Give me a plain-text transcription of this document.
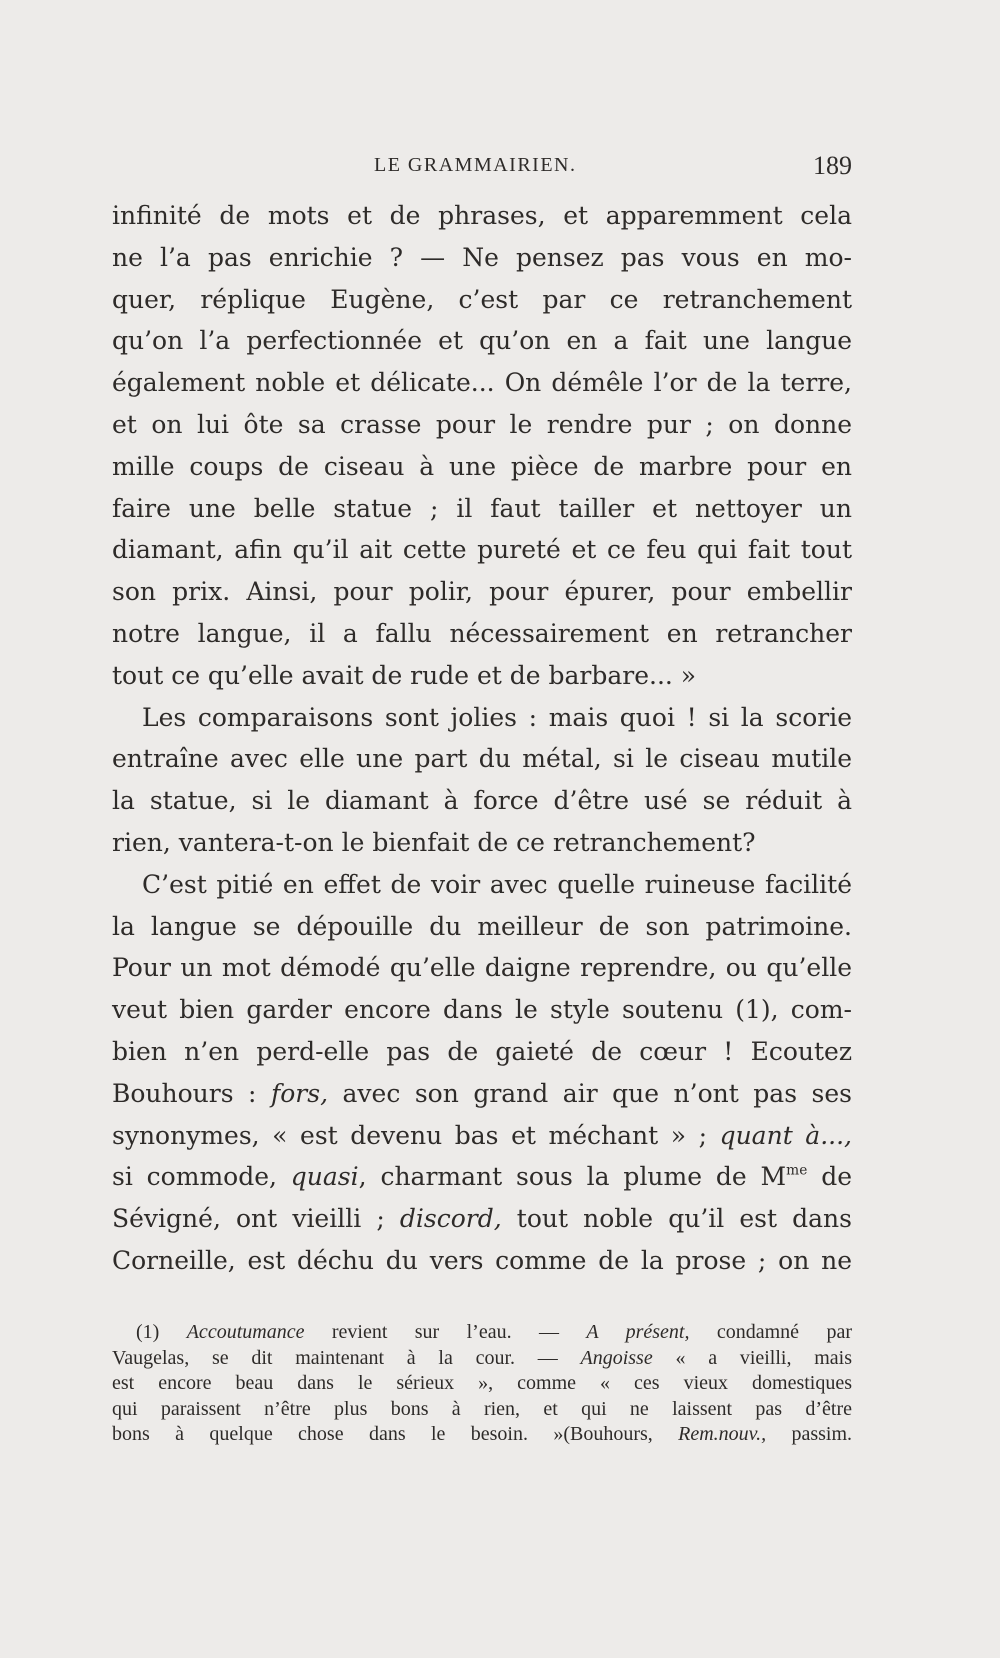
LE GRAMMAIRIEN.	189
infinité de mots et de phrases, et apparemment cela
ne l’a pas enrichie ? — Ne pensez pas vous en mo-
quer, réplique Eugène, c’est par ce retranchement
qu’on l’a perfectionnée et qu’on en a fait une langue
également noble et délicate... On démêle l’or de la terre,
et on lui ôte sa crasse pour le rendre pur ; on donne
mille coups de ciseau à une pièce de marbre pour en
faire une belle statue ; il faut tailler et nettoyer un
diamant, afin qu’il ait cette pureté et ce feu qui fait tout
son prix. Ainsi, pour polir, pour épurer, pour embellir
notre langue, il a fallu nécessairement en retrancher
tout ce qu’elle avait de rude et de barbare... »
Les comparaisons sont jolies : mais quoi ! si la scorie
entraîne avec elle une part du métal, si le ciseau mutile
la statue, si le diamant à force d’être usé se réduit à
rien, vantera-t-on le bienfait de ce retranchement?
C’est pitié en effet de voir avec quelle ruineuse facilité
la langue se dépouille du meilleur de son patrimoine.
Pour un mot démodé qu’elle daigne reprendre, ou qu’elle
veut bien garder encore dans le style soutenu (1), com-
bien n’en perd-elle pas de gaieté de cœur ! Ecoutez
Bouhours : fors, avec son grand air que n’ont pas ses
synonymes, « est devenu bas et méchant » ; quant à...,
si commode, quasi, charmant sous la plume de $M^{me}$ de
Sévigné, ont vieilli ; discord, tout noble qu’il est dans
Corneille, est déchu du vers comme de la prose ; on ne
(1) Accoutumance revient sur l’eau. — A présent, condamné par
Vaugelas, se dit maintenant à la cour. — Angoisse « a vieilli, mais
est encore beau dans le sérieux », comme « ces vieux domestiques
qui paraissent n’être plus bons à rien, et qui ne laissent pas d’être
bons à quelque chose dans le besoin. »(Bouhours, Rem.nouv., passim.
